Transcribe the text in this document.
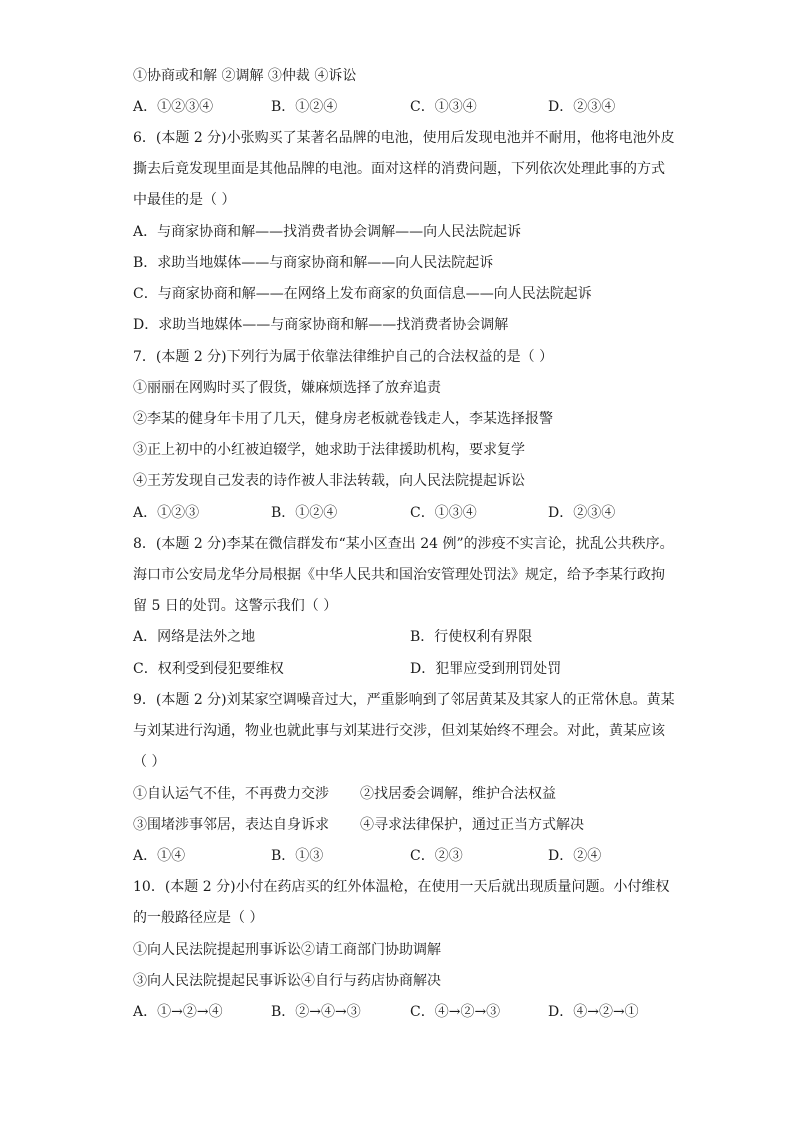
①协商或和解 ②调解 ③仲裁 ④诉讼
A．①②③④	B．①②④	C．①③④	D．②③④
6．(本题 2 分)小张购买了某著名品牌的电池，使用后发现电池并不耐用，他将电池外皮
撕去后竟发现里面是其他品牌的电池。面对这样的消费问题，下列依次处理此事的方式
中最佳的是（ ）
A．与商家协商和解——找消费者协会调解——向人民法院起诉
B．求助当地媒体——与商家协商和解——向人民法院起诉
C．与商家协商和解——在网络上发布商家的负面信息——向人民法院起诉
D．求助当地媒体——与商家协商和解——找消费者协会调解
7．(本题 2 分)下列行为属于依靠法律维护自己的合法权益的是（ ）
①丽丽在网购时买了假货，嫌麻烦选择了放弃追责
②李某的健身年卡用了几天，健身房老板就卷钱走人，李某选择报警
③正上初中的小红被迫辍学，她求助于法律援助机构，要求复学
④王芳发现自己发表的诗作被人非法转载，向人民法院提起诉讼
A．①②③	B．①②④	C．①③④	D．②③④
8．(本题 2 分)李某在微信群发布“某小区查出 24 例”的涉疫不实言论，扰乱公共秩序。
海口市公安局龙华分局根据《中华人民共和国治安管理处罚法》规定，给予李某行政拘
留 5 日的处罚。这警示我们（ ）
A．网络是法外之地	B．行使权利有界限
C．权利受到侵犯要维权	D．犯罪应受到刑罚处罚
9．(本题 2 分)刘某家空调噪音过大，严重影响到了邻居黄某及其家人的正常休息。黄某
与刘某进行沟通，物业也就此事与刘某进行交涉，但刘某始终不理会。对此，黄某应该
（ ）
①自认运气不佳，不再费力交涉 ②找居委会调解，维护合法权益
③围堵涉事邻居，表达自身诉求 ④寻求法律保护，通过正当方式解决
A．①④	B．①③	C．②③	D．②④
10．(本题 2 分)小付在药店买的红外体温枪，在使用一天后就出现质量问题。小付维权
的一般路径应是（ ）
①向人民法院提起刑事诉讼②请工商部门协助调解
③向人民法院提起民事诉讼④自行与药店协商解决
A．①→②→④	B．②→④→③	C．④→②→③	D．④→②→①
